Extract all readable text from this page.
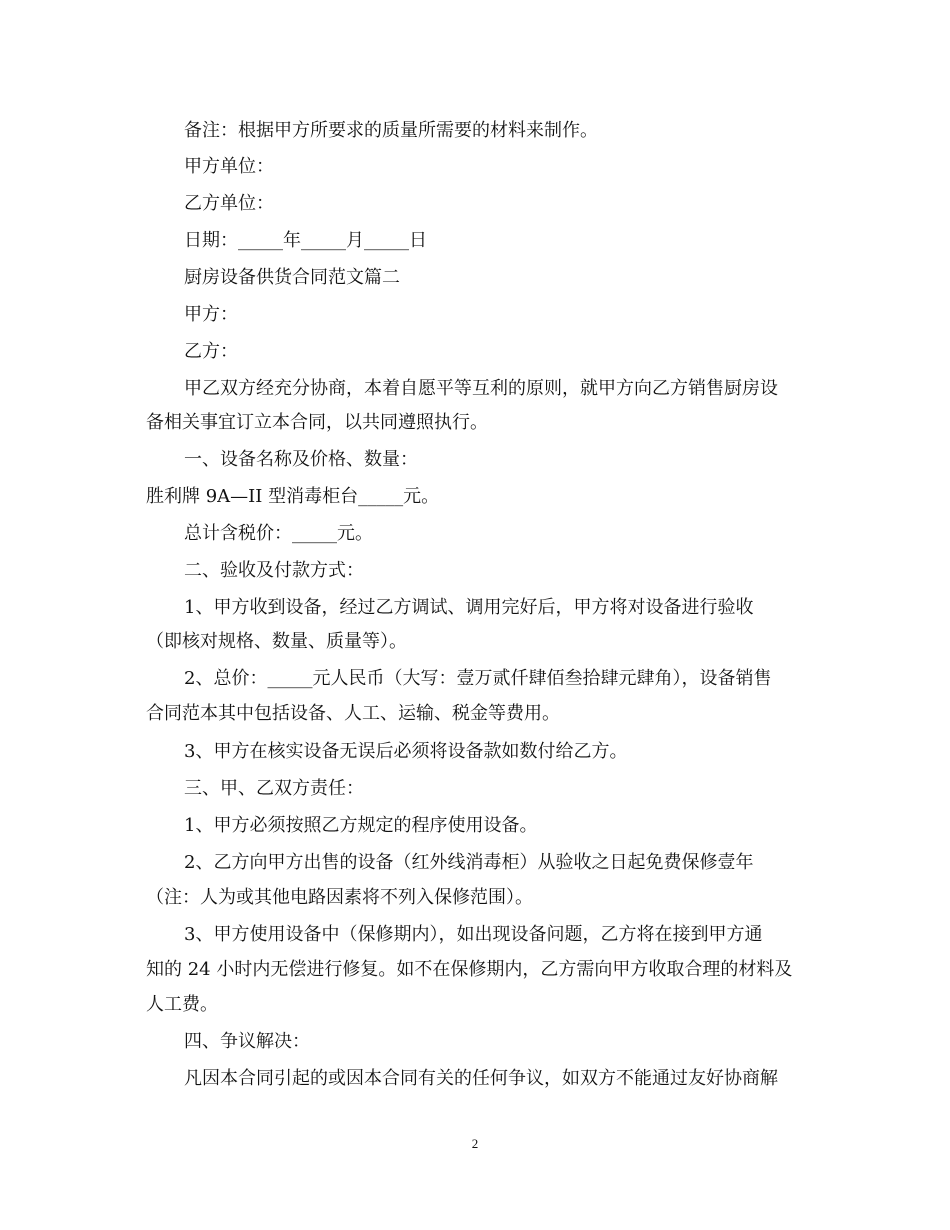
备注：根据甲方所要求的质量所需要的材料来制作。
甲方单位：
乙方单位：
日期：_____年_____月_____日
厨房设备供货合同范文篇二
甲方：
乙方：
甲乙双方经充分协商，本着自愿平等互利的原则，就甲方向乙方销售厨房设
备相关事宜订立本合同，以共同遵照执行。
一、设备名称及价格、数量：
胜利牌 9A—II 型消毒柜台_____元。
总计含税价：_____元。
二、验收及付款方式：
1、甲方收到设备，经过乙方调试、调用完好后，甲方将对设备进行验收
（即核对规格、数量、质量等）。
2、总价：_____元人民币（大写：壹万贰仟肆佰叁拾肆元肆角），设备销售
合同范本其中包括设备、人工、运输、税金等费用。
3、甲方在核实设备无误后必须将设备款如数付给乙方。
三、甲、乙双方责任：
1、甲方必须按照乙方规定的程序使用设备。
2、乙方向甲方出售的设备（红外线消毒柜）从验收之日起免费保修壹年
（注：人为或其他电路因素将不列入保修范围）。
3、甲方使用设备中（保修期内），如出现设备问题，乙方将在接到甲方通
知的 24 小时内无偿进行修复。如不在保修期内，乙方需向甲方收取合理的材料及
人工费。
四、争议解决：
凡因本合同引起的或因本合同有关的任何争议，如双方不能通过友好协商解
2
